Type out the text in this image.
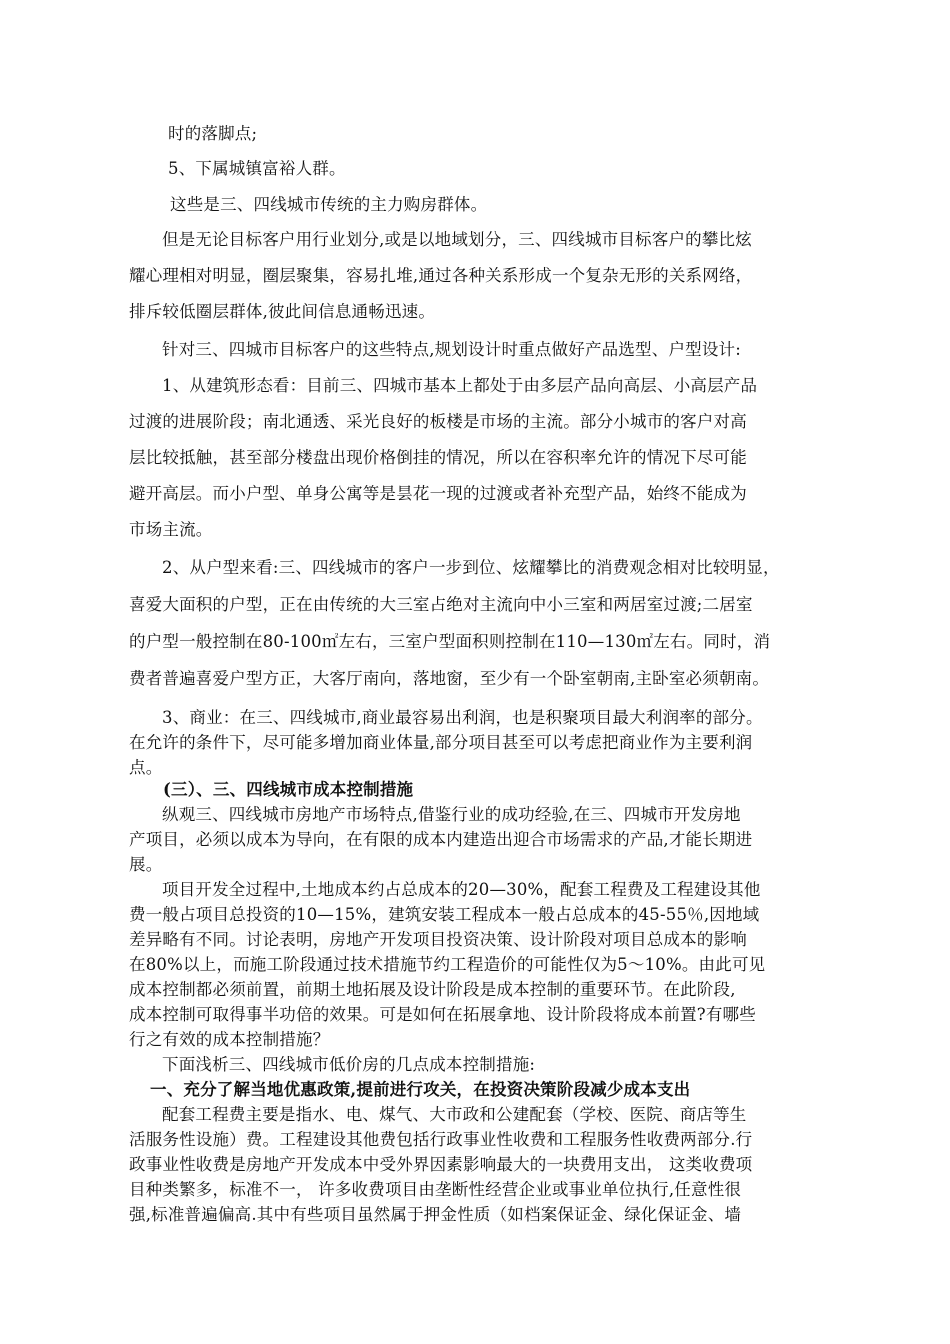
时的落脚点;
5、下属城镇富裕人群。
这些是三、四线城市传统的主力购房群体。
但是无论目标客户用行业划分,或是以地域划分，三、四线城市目标客户的攀比炫
耀心理相对明显，圈层聚集，容易扎堆,通过各种关系形成一个复杂无形的关系网络，
排斥较低圈层群体,彼此间信息通畅迅速。
针对三、四城市目标客户的这些特点,规划设计时重点做好产品选型、户型设计:
1、从建筑形态看：目前三、四城市基本上都处于由多层产品向高层、小高层产品
过渡的进展阶段；南北通透、采光良好的板楼是市场的主流。部分小城市的客户对高
层比较抵触，甚至部分楼盘出现价格倒挂的情况，所以在容积率允许的情况下尽可能
避开高层。而小户型、单身公寓等是昙花一现的过渡或者补充型产品，始终不能成为
市场主流。
2、从户型来看:三、四线城市的客户一步到位、炫耀攀比的消费观念相对比较明显，
喜爱大面积的户型，正在由传统的大三室占绝对主流向中小三室和两居室过渡;二居室
的户型一般控制在80-100㎡左右，三室户型面积则控制在110—130㎡左右。同时，消
费者普遍喜爱户型方正，大客厅南向，落地窗，至少有一个卧室朝南,主卧室必须朝南。
3、商业：在三、四线城市,商业最容易出利润，也是积聚项目最大利润率的部分。
在允许的条件下，尽可能多增加商业体量,部分项目甚至可以考虑把商业作为主要利润
点。
(三）、三、四线城市成本控制措施
纵观三、四线城市房地产市场特点,借鉴行业的成功经验,在三、四城市开发房地
产项目，必须以成本为导向，在有限的成本内建造出迎合市场需求的产品,才能长期进
展。
项目开发全过程中,土地成本约占总成本的20—30%，配套工程费及工程建设其他
费一般占项目总投资的10—15%，建筑安装工程成本一般占总成本的45-55％,因地域
差异略有不同。讨论表明，房地产开发项目投资决策、设计阶段对项目总成本的影响
在80%以上，而施工阶段通过技术措施节约工程造价的可能性仅为5～10%。由此可见
成本控制都必须前置，前期土地拓展及设计阶段是成本控制的重要环节。在此阶段,
成本控制可取得事半功倍的效果。可是如何在拓展拿地、设计阶段将成本前置?有哪些
行之有效的成本控制措施？
下面浅析三、四线城市低价房的几点成本控制措施:
一、充分了解当地优惠政策,提前进行攻关，在投资决策阶段减少成本支出
配套工程费主要是指水、电、煤气、大市政和公建配套（学校、医院、商店等生
活服务性设施）费。工程建设其他费包括行政事业性收费和工程服务性收费两部分.行
政事业性收费是房地产开发成本中受外界因素影响最大的一块费用支出， 这类收费项
目种类繁多，标准不一， 许多收费项目由垄断性经营企业或事业单位执行,任意性很
强,标准普遍偏高.其中有些项目虽然属于押金性质（如档案保证金、绿化保证金、墙
